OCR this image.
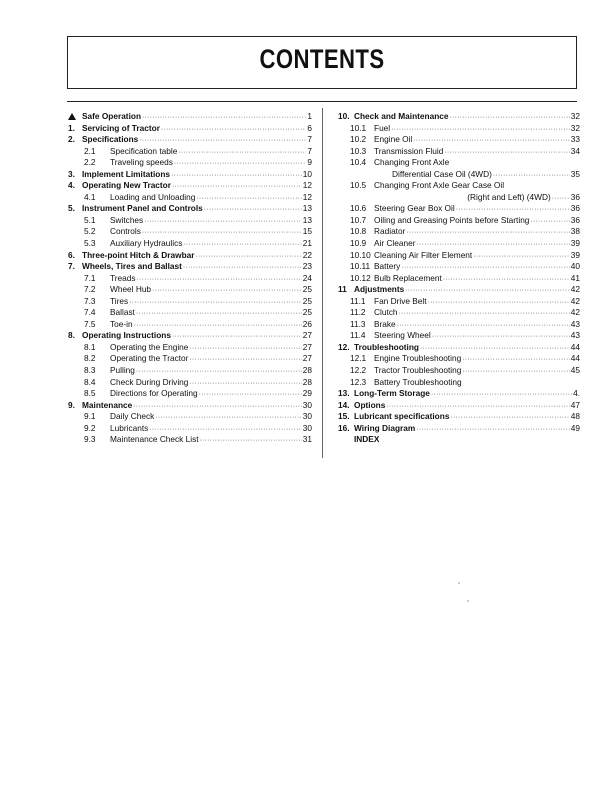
CONTENTS
Safe Operation ·····	1
1. Servicing of Tractor ·····	6
2. Specifications ·····	7
2.1	Specification table ·····	7
2.2	Traveling speeds ·····	9
3. Implement Limitations ·····	10
4. Operating New Tractor ·····	12
4.1	Loading and Unloading ·····	12
5. Instrument Panel and Controls ·····	13
5.1	Switches ·····	13
5.2	Controls ·····	15
5.3	Auxiliary Hydraulics ·····	21
6. Three-point Hitch & Drawbar ·····	22
7. Wheels, Tires and Ballast ·····	23
7.1	Treads ·····	24
7.2	Wheel Hub ·····	25
7.3	Tires ·····	25
7.4	Ballast ·····	25
7.5	Toe-in ·····	26
8. Operating Instructions ·····	27
8.1	Operating the Engine ·····	27
8.2	Operating the Tractor ·····	27
8.3	Pulling ·····	28
8.4	Check During Driving ·····	28
8.5	Directions for Operating ·····	29
9. Maintenance ·····	30
9.1	Daily Check ·····	30
9.2	Lubricants ·····	30
9.3	Maintenance Check List ·····	31
10. Check and Maintenance ·····	32
10.1 Fuel ·····	32
10.2 Engine Oil ·····	33
10.3 Transmission Fluid ·····	34
10.4 Changing Front Axle
Differential Case Oil (4WD) ·····	35
10.5 Changing Front Axle Gear Case Oil
(Right and Left) (4WD) ····· 36
10.6 Steering Gear Box Oil ·····	36
10.7 Oiling and Greasing Points before Starting ·····	36
10.8 Radiator ·····	38
10.9 Air Cleaner ·····	39
10.10 Cleaning Air Filter Element ·····	39
10.11 Battery ·····	40
10.12 Bulb Replacement ·····	41
11 Adjustments ·····	42
11.1	Fan Drive Belt ·····	42
11.2	Clutch ·····	42
11.3	Brake ·····	43
11.4	Steering Wheel ·····	43
12. Troubleshooting ·····	44
12.1 Engine Troubleshooting ·····	44
12.2 Tractor Troubleshooting ·····	45
12.3 Battery Troubleshooting
13. Long-Term Storage ·····	4.
14. Options ·····	47
15. Lubricant specifications ·····	48
16. Wiring Diagram ·····	49
INDEX
